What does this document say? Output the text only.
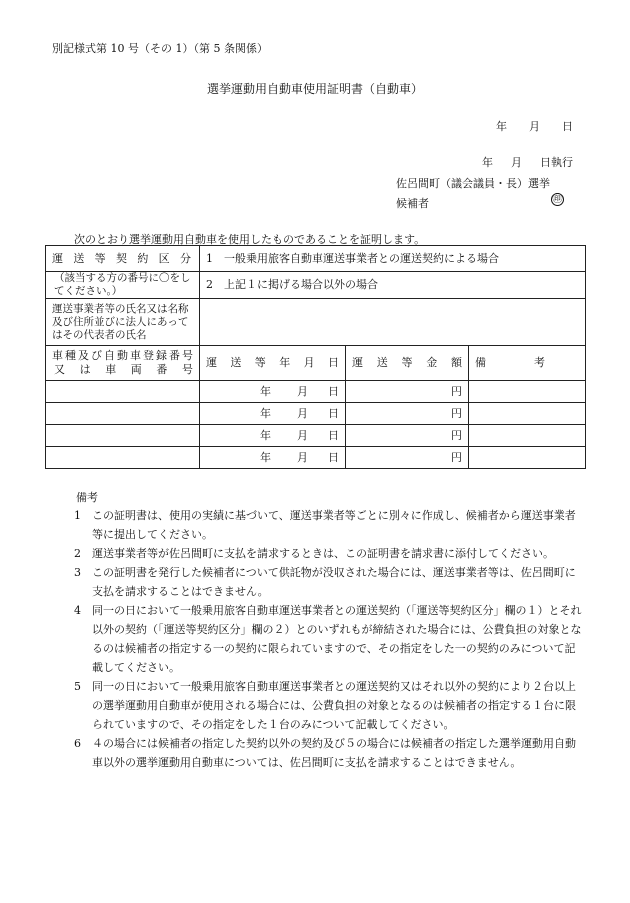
別記様式第 10 号（その 1）（第 5 条関係）
選挙運動用自動車使用証明書（自動車）
年 月 日
年 月 日執行
佐呂間町（議会議員・長）選挙
候補者	㊞
次のとおり選挙運動用自動車を使用したものであることを証明します。
運送等契約区分	1　一般乗用旅客自動車運送事業者との運送契約による場合		
（該当する方の番号に〇をしてください。）	2　上記１に掲げる場合以外の場合		
運送事業者等の氏名又は名称及び住所並びに法人にあってはその代表者の氏名			

車種及び自動車登録番号
又は車両番号	運送等年月日	運送等金額	備考

	年 月 日	円	
	年 月 日	円	
	年 月 日	円	
	年 月 日	円	
備考
1	この証明書は、使用の実績に基づいて、運送事業者等ごとに別々に作成し、候補者から運送事業者等に提出してください。
2	運送事業者等が佐呂間町に支払を請求するときは、この証明書を請求書に添付してください。
3	この証明書を発行した候補者について供託物が没収された場合には、運送事業者等は、佐呂間町に支払を請求することはできません。
4	同一の日において一般乗用旅客自動車運送事業者との運送契約（「運送等契約区分」欄の１）とそれ以外の契約（「運送等契約区分」欄の２）とのいずれもが締結された場合には、公費負担の対象となるのは候補者の指定する一の契約に限られていますので、その指定をした一の契約のみについて記載してください。
5	同一の日において一般乗用旅客自動車運送事業者との運送契約又はそれ以外の契約により２台以上の選挙運動用自動車が使用される場合には、公費負担の対象となるのは候補者の指定する１台に限られていますので、その指定をした１台のみについて記載してください。
6	４の場合には候補者の指定した契約以外の契約及び５の場合には候補者の指定した選挙運動用自動車以外の選挙運動用自動車については、佐呂間町に支払を請求することはできません。
